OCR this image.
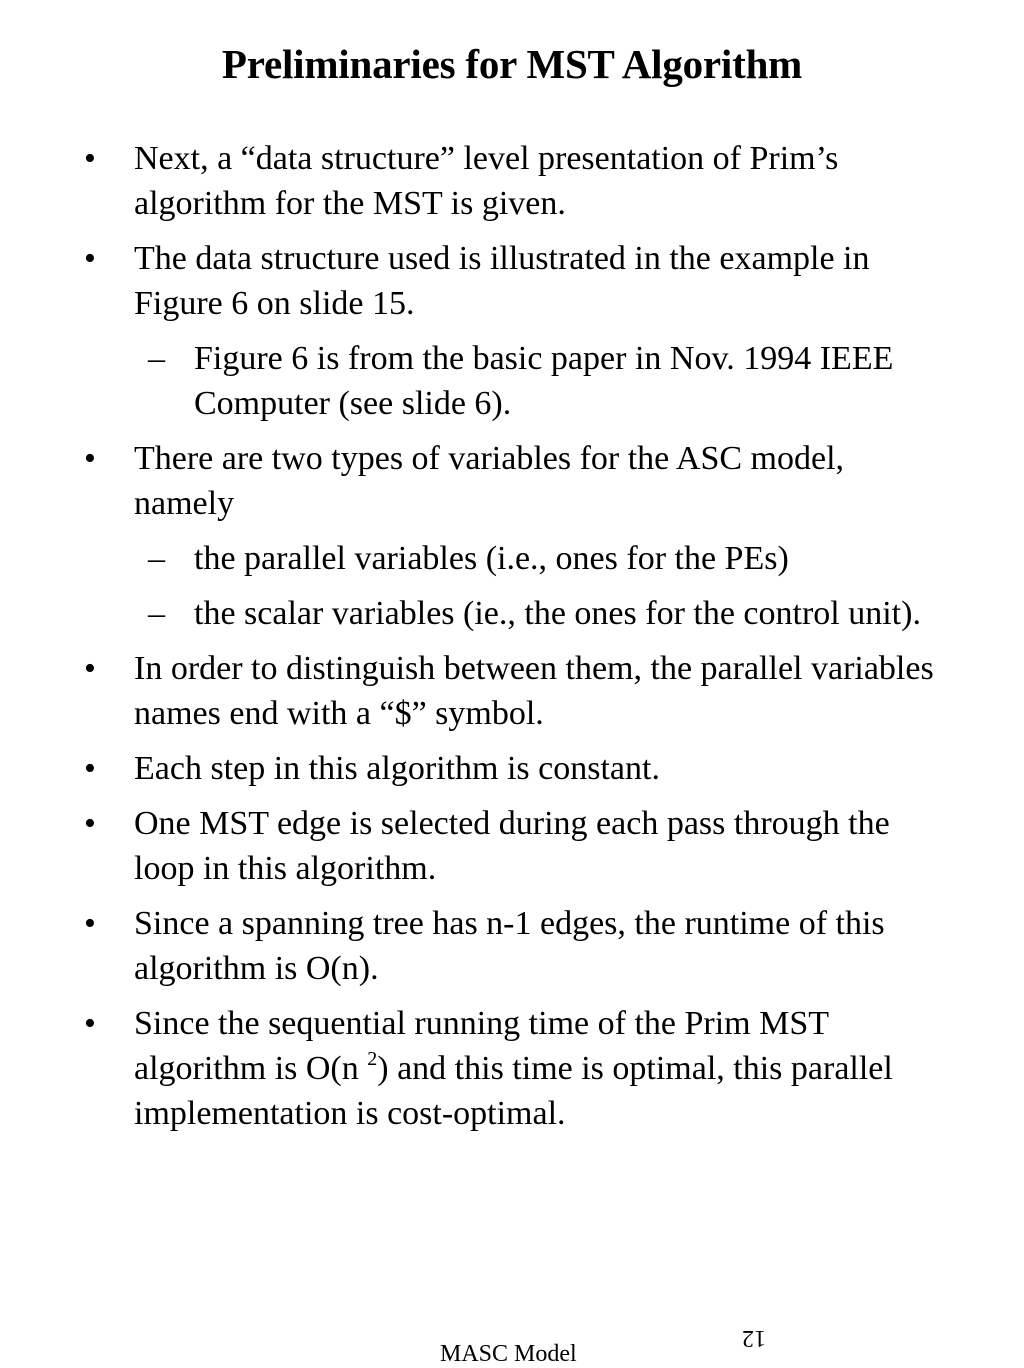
Preliminaries for MST Algorithm
• Next, a “data structure” level presentation of Prim’s algorithm for the MST is given.
• The data structure used is illustrated in the example in Figure 6 on slide 15.
– Figure 6 is from the basic paper in Nov. 1994 IEEE Computer (see slide 6).
• There are two types of variables for the ASC model, namely
– the parallel variables (i.e., ones for the PEs)
– the scalar variables (ie., the ones for the control unit).
• In order to distinguish between them, the parallel variables names end with a “$” symbol.
• Each step in this algorithm is constant.
• One MST edge is selected during each pass through the loop in this algorithm.
• Since a spanning tree has n-1 edges, the runtime of this algorithm is O(n).
• Since the sequential running time of the Prim MST algorithm is O(n $^2$) and this time is optimal, this parallel implementation is cost-optimal.
MASC Model
12
